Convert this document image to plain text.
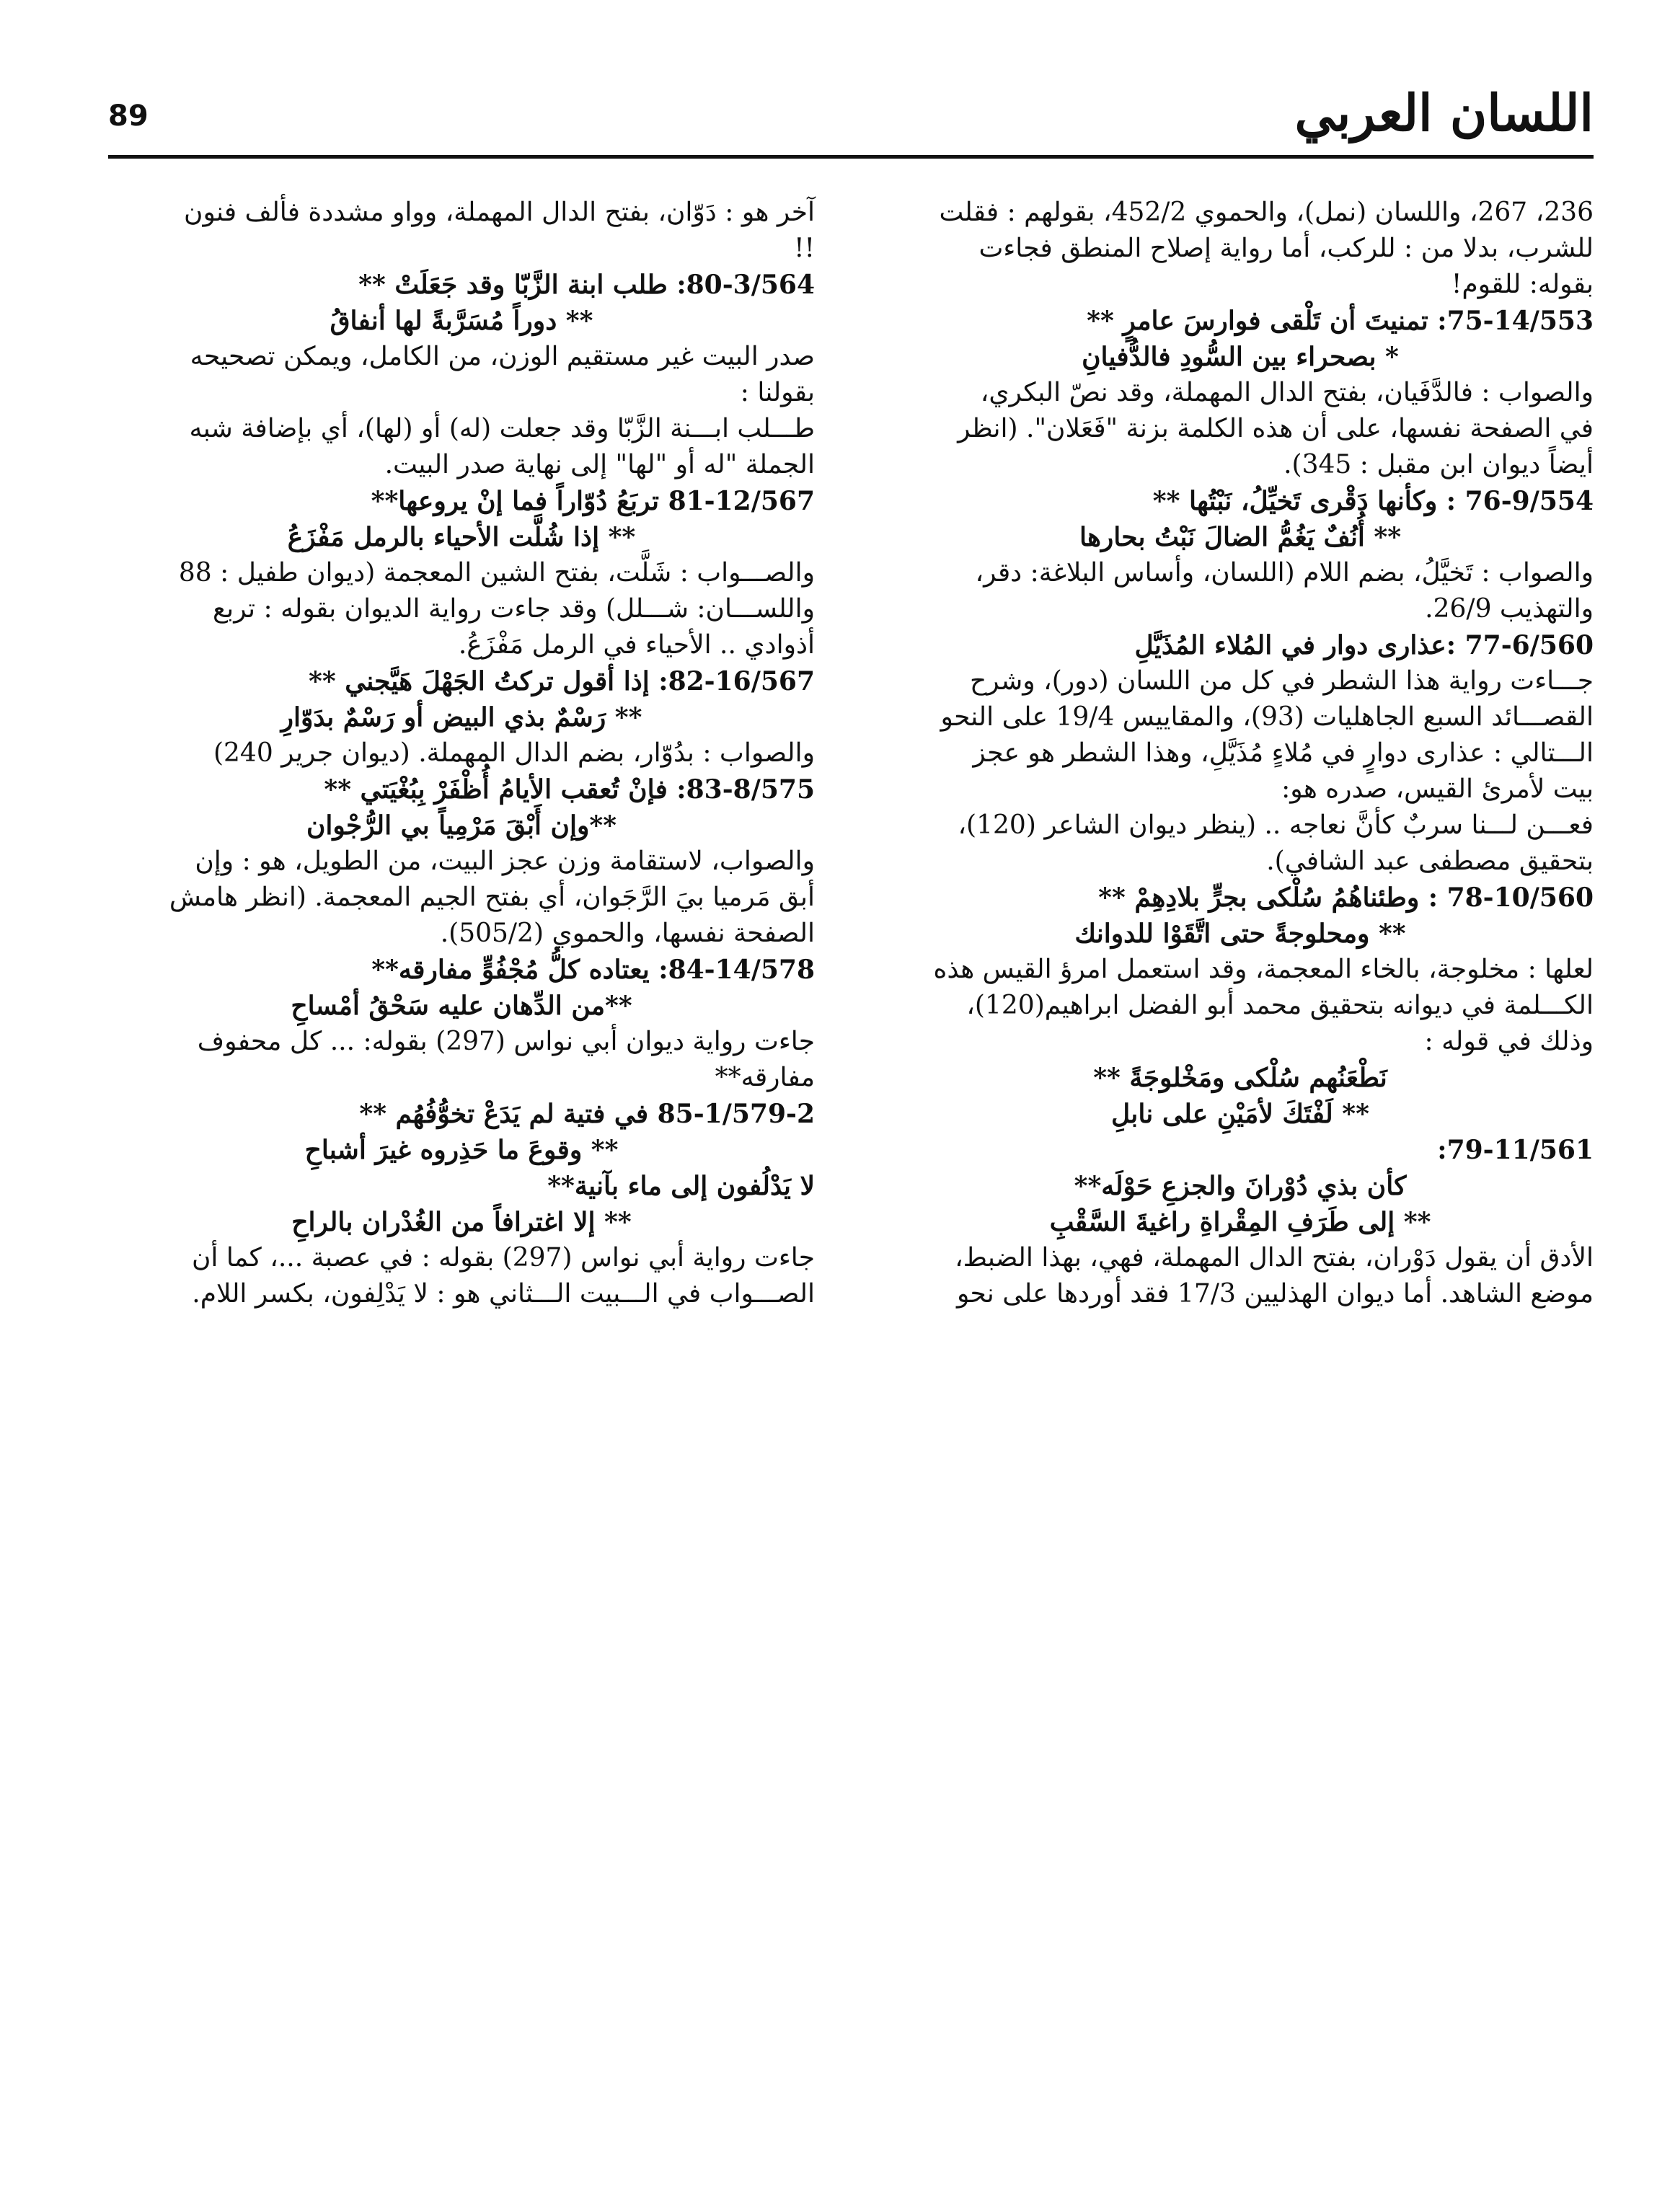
89	اللسان العربي
236، 267، واللسان (نمل)، والحموي 452/2، بقولهم : فقلت
للشرب، بدلا من : للركب، أما رواية إصلاح المنطق فجاءت
بقوله: للقوم!
75-14/553: تمنيتَ أن تَلْقى فوارسَ عامرٍ **
* بصحراء بين السُّودِ فالدُّفيانِ
والصواب : فالدَّفَيان، بفتح الدال المهملة، وقد نصّ البكري،
في الصفحة نفسها، على أن هذه الكلمة بزنة "فَعَلان". (انظر
أيضاً ديوان ابن مقبل : 345).
76-9/554 : وكأنها دَقْرى تَخيِّلُ، نَبْتُها **
** أُنُفٌ يَغُمُّ الضالَ نَبْتُ بحارها
والصواب : تَخيَّلُ، بضم اللام (اللسان، وأساس البلاغة: دقر،
والتهذيب 26/9.
77-6/560 :عذارى دوار في المُلاء المُذَيَّلِ
جـــاءت رواية هذا الشطر في كل من اللسان (دور)، وشرح
القصـــائد السبع الجاهليات (93)، والمقاييس 19/4 على النحو
الـــتالي : عذارى دوارٍ في مُلاءٍ مُذَيَّلِ، وهذا الشطر هو عجز
بيت لأمرئ القيس، صدره هو:
فعـــن لـــنا سربٌ كأنَّ نعاجه .. (ينظر ديوان الشاعر (120)،
بتحقيق مصطفى عبد الشافي).
78-10/560 : وطئناهُمُ سُلْكى بجرٍّ بلادِهِمْ **
** ومحلوجةً حتى اتَّقَوْا للدوانك
لعلها : مخلوجة، بالخاء المعجمة، وقد استعمل امرؤ القيس هذه
الكـــلمة في ديوانه بتحقيق محمد أبو الفضل ابراهيم(120)،
وذلك في قوله :
نَطْعَنُهم سُلْكى ومَخْلوجَةً **
** لَفْتَكَ لأمَيْنِ على نابلِ
79-11/561:
كأن بذي دُوْرانَ والجزعِ حَوْلَه**
** إلى طَرَفِ المِقْراةِ راغيةَ السَّقْبِ
الأدق أن يقول دَوْران، بفتح الدال المهملة، فهي، بهذا الضبط،
موضع الشاهد. أما ديوان الهذليين 17/3 فقد أوردها على نحو
آخر هو : دَوّان، بفتح الدال المهملة، وواو مشددة فألف فنون
!!
80-3/564: طلب ابنة الزَّبّا وقد جَعَلَتْ **
** دوراً مُسَرَّبةً لها أنفاقُ
صدر البيت غير مستقيم الوزن، من الكامل، ويمكن تصحيحه
بقولنا :
طـــلب ابـــنة الزَّبّا وقد جعلت (له) أو (لها)، أي بإضافة شبه
الجملة "له أو "لها" إلى نهاية صدر البيت.
81-12/567 تربَعُ دُوّاراً فما إنْ يروعها**
** إذا شُلَّت الأحياء بالرمل مَفْزَعُ
والصـــواب : شَلَّت، بفتح الشين المعجمة (ديوان طفيل : 88
واللســـان: شـــلل) وقد جاءت رواية الديوان بقوله : تربع
أذوادي .. الأحياء في الرمل مَفْزَعُ.
82-16/567: إذا أقول تركتُ الجَهْلَ هَيَّجني **
** رَسْمٌ بذي البيض أو رَسْمٌ بدَوّارِ
والصواب : بدُوّار، بضم الدال المهملة. (ديوان جرير 240)
83-8/575: فإنْ تُعقب الأيامُ أُظْفَرْ بِبُغْيَتي **
**وإن أَبْقَ مَرْمِياً بي الرُّجْوان
والصواب، لاستقامة وزن عجز البيت، من الطويل، هو : وإن
أبق مَرميا بيَ الرَّجَوان، أي بفتح الجيم المعجمة. (انظر هامش
الصفحة نفسها، والحموي (505/2).
84-14/578: يعتاده كلُّ مُجْفُوٍّ مفارقه**
**من الدِّهان عليه سَحْقُ أمْساحِ
جاءت رواية ديوان أبي نواس (297) بقوله: ... كل محفوف
مفارقه**
85-1/579-2 في فتية لم يَدَعْ تخوُّفُهُم **
** وقوعَ ما حَذِروه غيرَ أشباحِ
لا يَدْلُفون إلى ماء بآنية**
** إلا اغترافاً من الغُدْران بالراحِ
جاءت رواية أبي نواس (297) بقوله : في عصبة ...، كما أن
الصـــواب في الـــبيت الـــثاني هو : لا يَدْلِفون، بكسر اللام.
